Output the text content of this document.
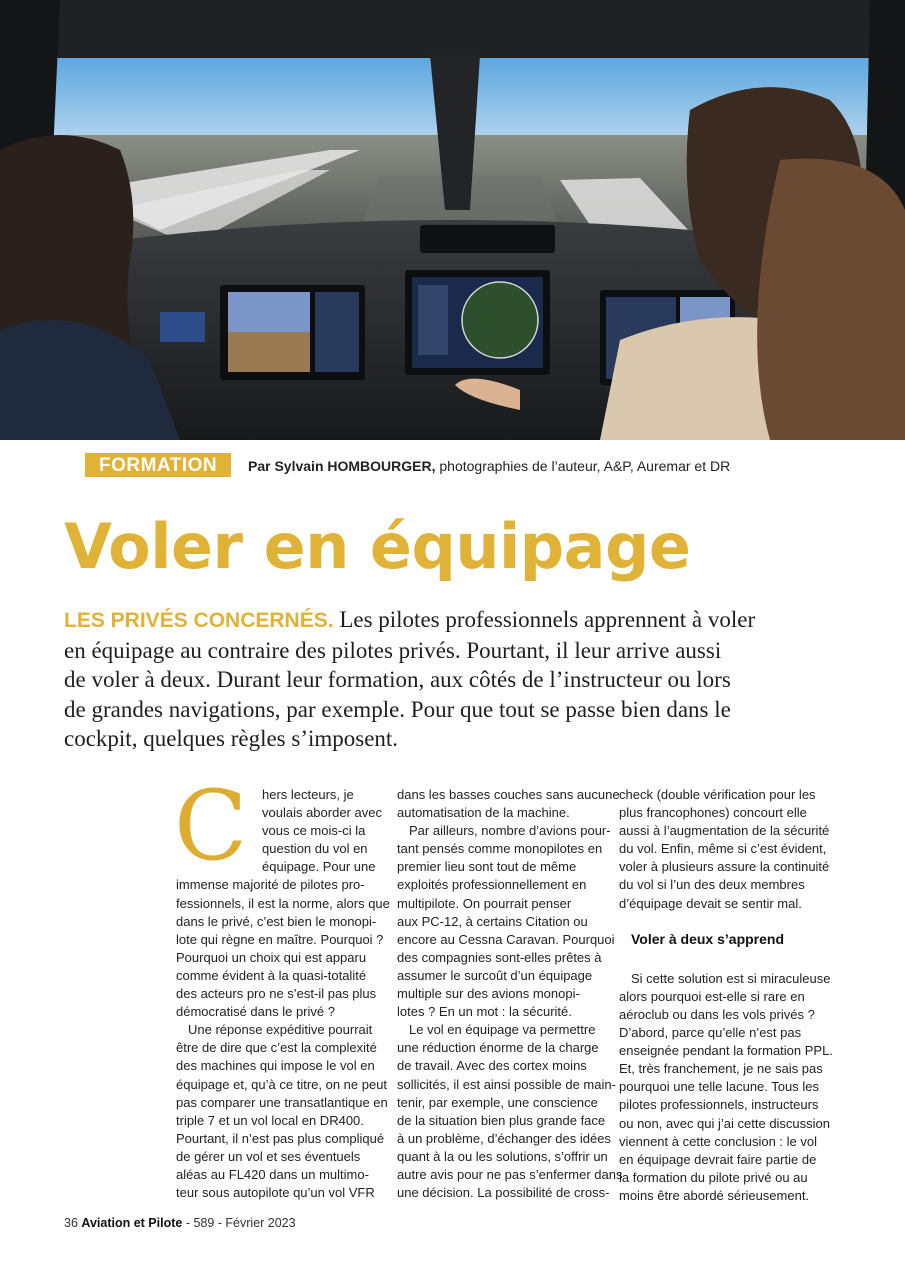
FORMATION	Par Sylvain HOMBOURGER, photographies de l’auteur, A&P, Auremar et DR
Voler en équipage

LES PRIVÉS CONCERNÉS. Les pilotes professionnels apprennent à voler
en équipage au contraire des pilotes privés. Pourtant, il leur arrive aussi
de voler à deux. Durant leur formation, aux côtés de l’instructeur ou lors
de grandes navigations, par exemple. Pour que tout se passe bien dans le
cockpit, quelques règles s’imposent.

C	hers lecteurs, je
voulais aborder avec
vous ce mois-ci la
question du vol en
équipage. Pour une
immense majorité de pilotes pro-
fessionnels, il est la norme, alors que
dans le privé, c’est bien le monopi-
lote qui règne en maître. Pourquoi ?
Pourquoi un choix qui est apparu
comme évident à la quasi-totalité
des acteurs pro ne s’est-il pas plus
démocratisé dans le privé ?
Une réponse expéditive pourrait
être de dire que c’est la complexité
des machines qui impose le vol en
équipage et, qu’à ce titre, on ne peut
pas comparer une transatlantique en
triple 7 et un vol local en DR400.
Pourtant, il n’est pas plus compliqué
de gérer un vol et ses éventuels
aléas au FL420 dans un multimo-
teur sous autopilote qu’un vol VFR
dans les basses couches sans aucune
automatisation de la machine.
Par ailleurs, nombre d’avions pour-
tant pensés comme monopilotes en
premier lieu sont tout de même
exploités professionnellement en
multipilote. On pourrait penser
aux PC-12, à certains Citation ou
encore au Cessna Caravan. Pourquoi
des compagnies sont-elles prêtes à
assumer le surcoût d’un équipage
multiple sur des avions monopi-
lotes ? En un mot : la sécurité.
Le vol en équipage va permettre
une réduction énorme de la charge
de travail. Avec des cortex moins
sollicités, il est ainsi possible de main-
tenir, par exemple, une conscience
de la situation bien plus grande face
à un problème, d’échanger des idées
quant à la ou les solutions, s’offrir un
autre avis pour ne pas s’enfermer dans
une décision. La possibilité de cross-
check (double vérification pour les
plus francophones) concourt elle
aussi à l’augmentation de la sécurité
du vol. Enfin, même si c’est évident,
voler à plusieurs assure la continuité
du vol si l’un des deux membres
d’équipage devait se sentir mal.
Voler à deux s’apprend
Si cette solution est si miraculeuse
alors pourquoi est-elle si rare en
aéroclub ou dans les vols privés ?
D’abord, parce qu’elle n’est pas
enseignée pendant la formation PPL.
Et, très franchement, je ne sais pas
pourquoi une telle lacune. Tous les
pilotes professionnels, instructeurs
ou non, avec qui j’ai cette discussion
viennent à cette conclusion : le vol
en équipage devrait faire partie de
la formation du pilote privé ou au
moins être abordé sérieusement.
36 Aviation et Pilote - 589 - Février 2023
